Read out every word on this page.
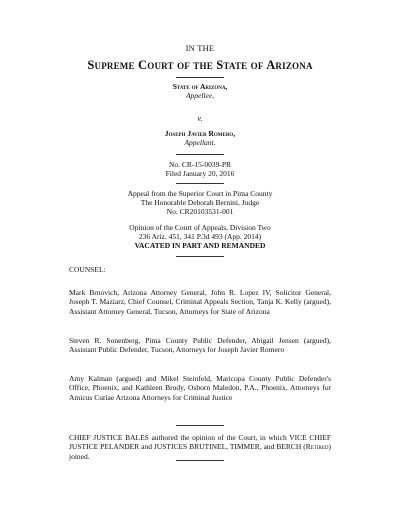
IN THE
Supreme Court of the State of Arizona
State of Arizona,
Appellee,
v.
Joseph Javier Romero,
Appellant.
No. CR-15-0039-PR
Filed January 20, 2016
Appeal from the Superior Court in Pima County
The Honorable Deborah Bernini, Judge
No. CR20103531-001
Opinion of the Court of Appeals, Division Two
236 Ariz. 451, 341 P.3d 493 (App. 2014)
VACATED IN PART AND REMANDED
COUNSEL:
Mark Brnovich, Arizona Attorney General, John R. Lopez IV, Solicitor General, Joseph T. Maziarz, Chief Counsel, Criminal Appeals Section, Tanja K. Kelly (argued), Assistant Attorney General, Tucson, Attorneys for State of Arizona
Steven R. Sonenberg, Pima County Public Defender, Abigail Jensen (argued), Assistant Public Defender, Tucson, Attorneys for Joseph Javier Romero
Amy Kalman (argued) and Mikel Steinfeld, Maricopa County Public Defender's Office, Phoenix, and Kathleen Brody, Osborn Maledon, P.A., Phoenix, Attorneys for Amicus Curiae Arizona Attorneys for Criminal Justice
CHIEF JUSTICE BALES authored the opinion of the Court, in which VICE CHIEF JUSTICE PELANDER and JUSTICES BRUTINEL, TIMMER, and BERCH (Retired) joined.
